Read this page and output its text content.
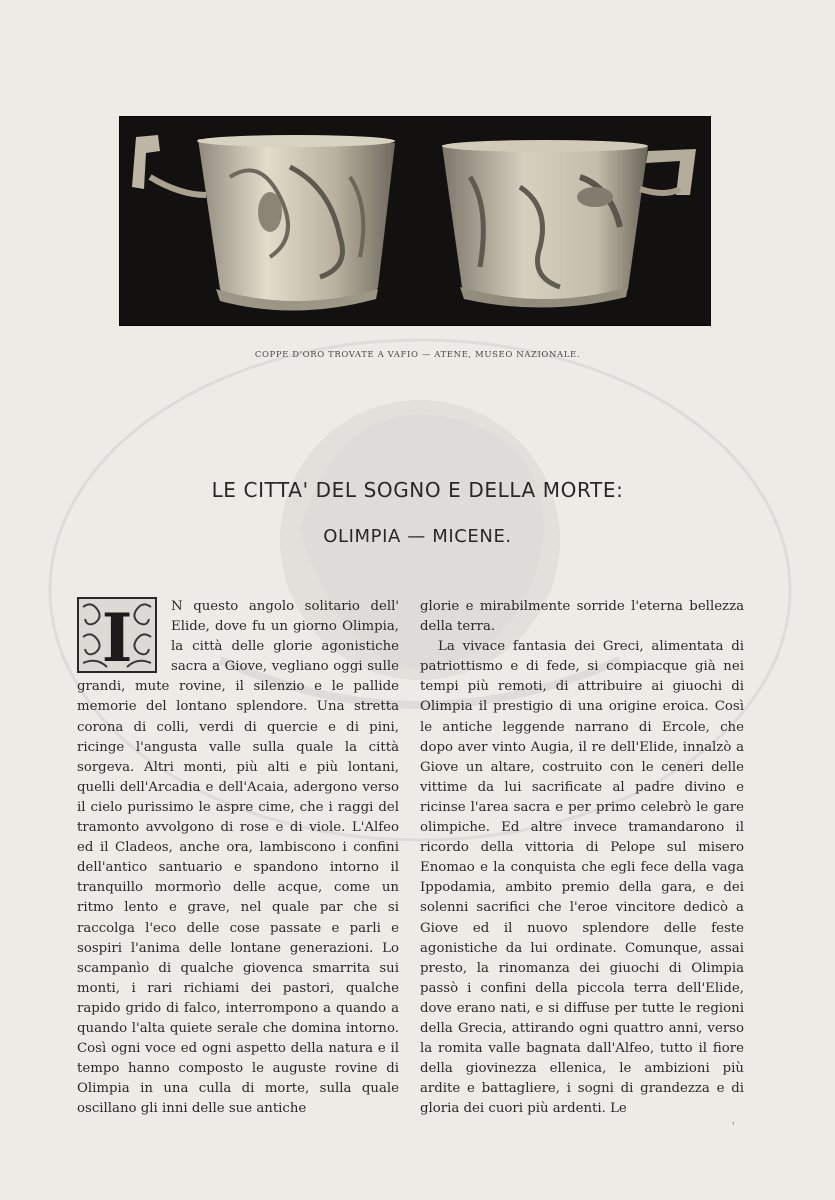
COPPE D'ORO TROVATE A VAFIO — ATENE, MUSEO NAZIONALE.
LE CITTA' DEL SOGNO E DELLA MORTE:
OLIMPIA — MICENE.
I	N questo angolo solitario dell' Elide, dove fu un giorno Olimpia, la città delle glorie agonistiche sacra a Giove, vegliano oggi sulle grandi, mute rovine, il silenzio e le pallide memorie del lontano splendore. Una stretta corona di colli, verdi di quercie e di pini, ricinge l'angusta valle sulla quale la città sorgeva. Altri monti, più alti e più lontani, quelli dell'Arcadia e dell'Acaia, adergono verso il cielo purissimo le aspre cime, che i raggi del tramonto avvolgono di rose e di viole. L'Alfeo ed il Cladeos, anche ora, lambiscono i confini dell'antico santuario e spandono intorno il tranquillo mormorìo delle acque, come un ritmo lento e grave, nel quale par che si raccolga l'eco delle cose passate e parli e sospiri l'anima delle lontane generazioni. Lo scampanìo di qualche giovenca smarrita sui monti, i rari richiami dei pastori, qualche rapido grido di falco, interrompono a quando a quando l'alta quiete serale che domina intorno. Così ogni voce ed ogni aspetto della natura e il tempo hanno composto le auguste rovine di Olimpia in una culla di morte, sulla quale oscillano gli inni delle sue antiche

glorie e mirabilmente sorride l'eterna bellezza della terra.

La vivace fantasia dei Greci, alimentata di patriottismo e di fede, si compiacque già nei tempi più remoti, di attribuire ai giuochi di Olimpia il prestigio di una origine eroica. Così le antiche leggende narrano di Ercole, che dopo aver vinto Augia, il re dell'Elide, innalzò a Giove un altare, costruito con le ceneri delle vittime da lui sacrificate al padre divino e ricinse l'area sacra e per primo celebrò le gare olimpiche. Ed altre invece tramandarono il ricordo della vittoria di Pelope sul misero Enomao e la conquista che egli fece della vaga Ippodamia, ambito premio della gara, e dei solenni sacrifici che l'eroe vincitore dedicò a Giove ed il nuovo splendore delle feste agonistiche da lui ordinate. Comunque, assai presto, la rinomanza dei giuochi di Olimpia passò i confini della piccola terra dell'Elide, dove erano nati, e si diffuse per tutte le regioni della Grecia, attirando ogni quattro anni, verso la romita valle bagnata dall'Alfeo, tutto il fiore della giovinezza ellenica, le ambizioni più ardite e battagliere, i sogni di grandezza e di gloria dei cuori più ardenti. Le

'
